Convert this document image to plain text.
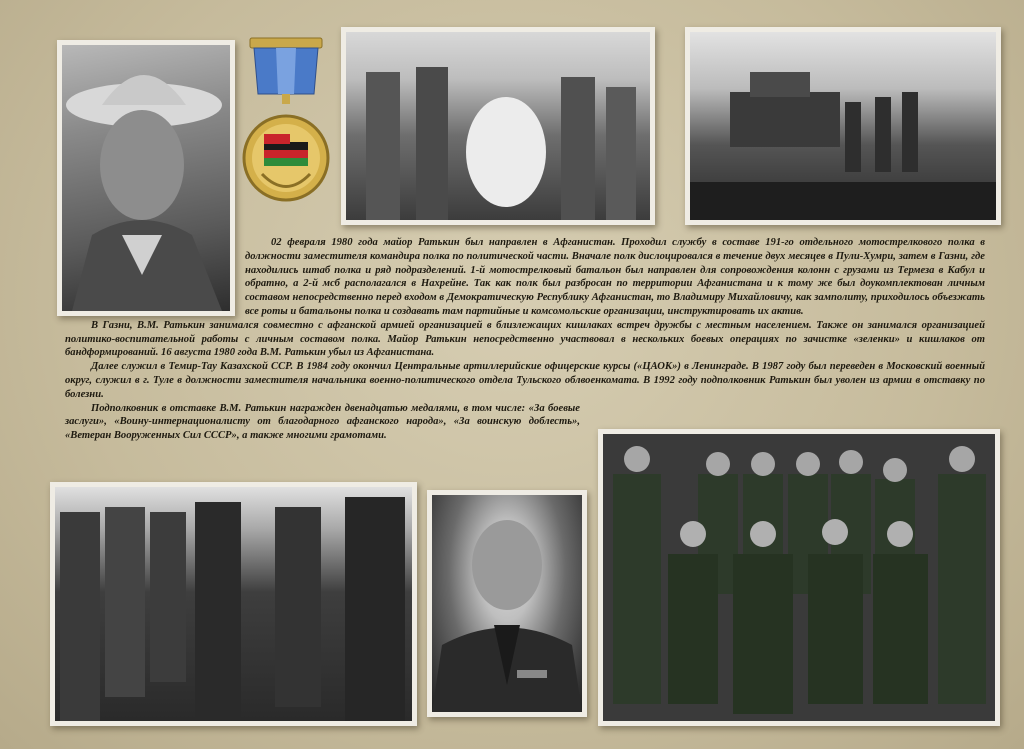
02 февраля 1980 года майор Ратькин был направлен в Афганистан. Проходил службу в составе 191-го отдельного мотострелкового полка в должности заместителя командира полка по политической части. Вначале полк дислоцировался в течение двух месяцев в Пули-Хумри, затем в Газни, где находились штаб полка и ряд подразделений. 1-й мотострелковый батальон был направлен для сопровождения колонн с грузами из Термеза в Кабул и обратно, а 2-й мсб располагался в Нахрейне. Так как полк был разбросан по территории Афганистана и к тому же был доукомплектован личным составом непосредственно перед входом в Демократическую Республику Афганистан, то Владимиру Михайловичу, как замполиту, приходилось объезжать все роты и батальоны полка и создавать там партийные и комсомольские организации, инструктировать их актив.

В Газни, В.М. Ратькин занимался совместно с афганской армией организацией в близлежащих кишлаках встреч дружбы с местным населением. Также он занимался организацией политико-воспитательной работы с личным составом полка. Майор Ратькин непосредственно участвовал в нескольких боевых операциях по зачистке «зеленки» и кишлаков от бандформирований. 16 августа 1980 года В.М. Ратькин убыл из Афганистана.

Далее служил в Темир-Тау Казахской ССР. В 1984 году окончил Центральные артиллерийские офицерские курсы («ЦАОК») в Ленинграде. В 1987 году был переведен в Московский военный округ, служил в г. Туле в должности заместителя начальника военно-политического отдела Тульского облвоенкомата. В 1992 году подполковник Ратькин был уволен из армии в отставку по болезни.

Подполковник в отставке В.М. Ратькин награжден двенадцатью медалями, в том числе: «За боевые заслуги», «Воину-интернационалисту от благодарного афганского народа», «За воинскую доблесть», «Ветеран Вооруженных Сил СССР», а также многими грамотами.
